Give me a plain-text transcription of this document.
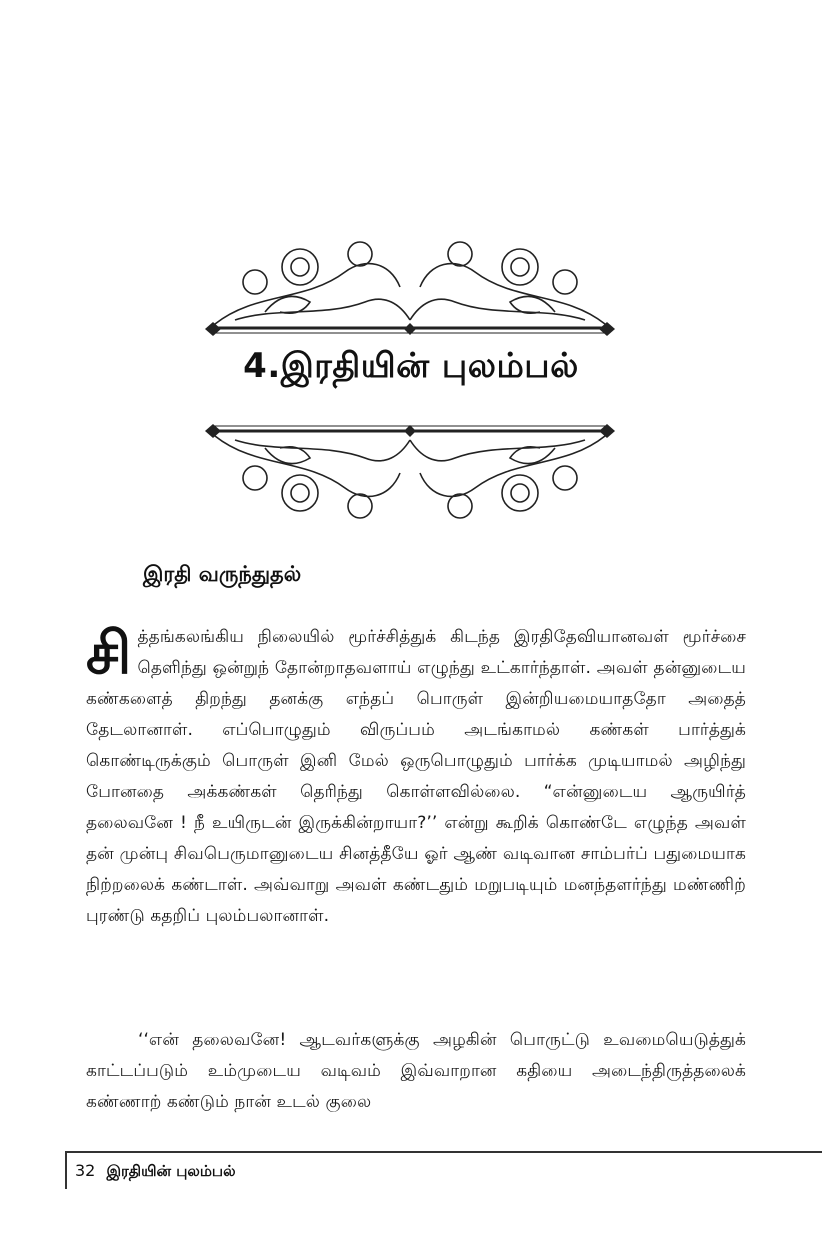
4.இரதியின் புலம்பல்
இரதி வருந்துதல்
சி த்தங்கலங்கிய நிலையில் மூர்ச்சித்துக் கிடந்த இரதிதேவியானவள் மூர்ச்சை தெளிந்து ஒன்றுந் தோன்றாதவளாய் எழுந்து உட்கார்ந்தாள். அவள் தன்னுடைய கண்களைத் திறந்து தனக்கு எந்தப் பொருள் இன்றியமையாததோ அதைத் தேடலானாள். எப்பொழுதும் விருப்பம் அடங்காமல் கண்கள் பார்த்துக் கொண்டிருக்கும் பொருள் இனி மேல் ஒருபொழுதும் பார்க்க முடியாமல் அழிந்து போனதை அக்கண்கள் தெரிந்து கொள்ளவில்லை. “என்னுடைய ஆருயிர்த் தலைவனே ! நீ உயிருடன் இருக்கின்றாயா?’’ என்று கூறிக் கொண்டே எழுந்த அவள் தன் முன்பு சிவபெருமானுடைய சினத்தீயே ஓர் ஆண் வடிவான சாம்பர்ப் பதுமையாக நிற்றலைக் கண்டாள். அவ்வாறு அவள் கண்டதும் மறுபடியும் மனந்தளர்ந்து மண்ணிற் புரண்டு கதறிப் புலம்பலானாள்.
‘‘என் தலைவனே! ஆடவர்களுக்கு அழகின் பொருட்டு உவமையெடுத்துக் காட்டப்படும் உம்முடைய வடிவம் இவ்வாறான கதியை அடைந்திருத்தலைக் கண்ணாற் கண்டும் நான் உடல் குலை
32 இரதியின் புலம்பல்
